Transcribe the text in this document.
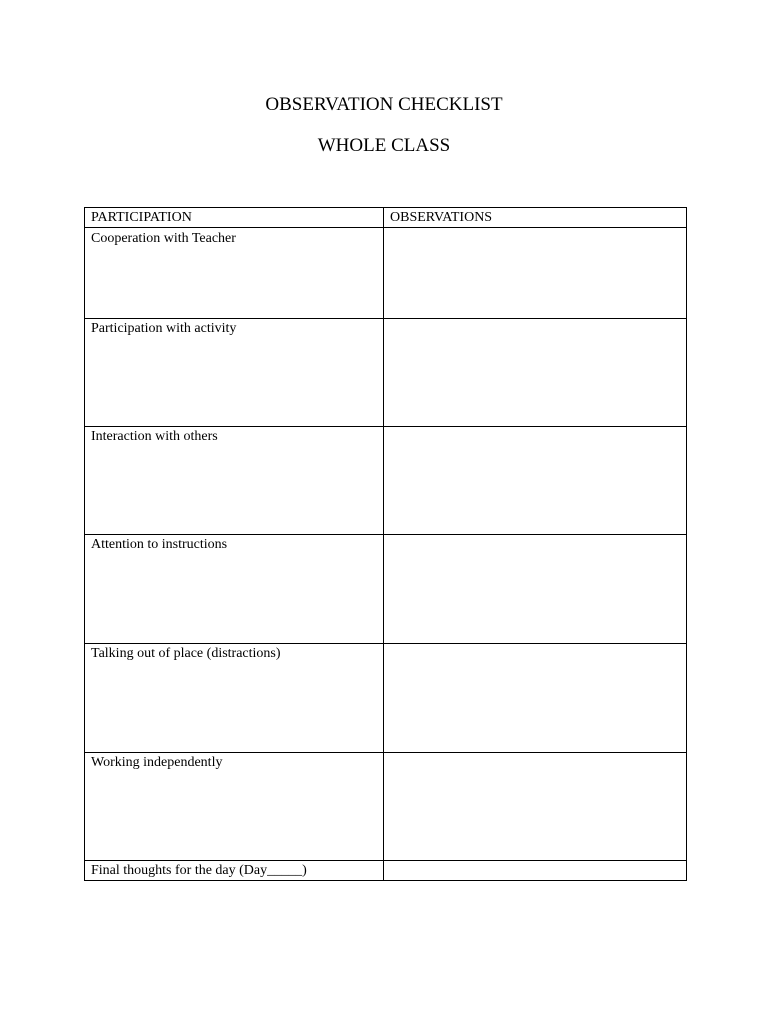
OBSERVATION CHECKLIST
WHOLE CLASS
PARTICIPATION	OBSERVATIONS
Cooperation with Teacher	
Participation with activity	
Interaction with others	
Attention to instructions	
Talking out of place (distractions)	
Working independently	
Final thoughts for the day (Day_____)	
